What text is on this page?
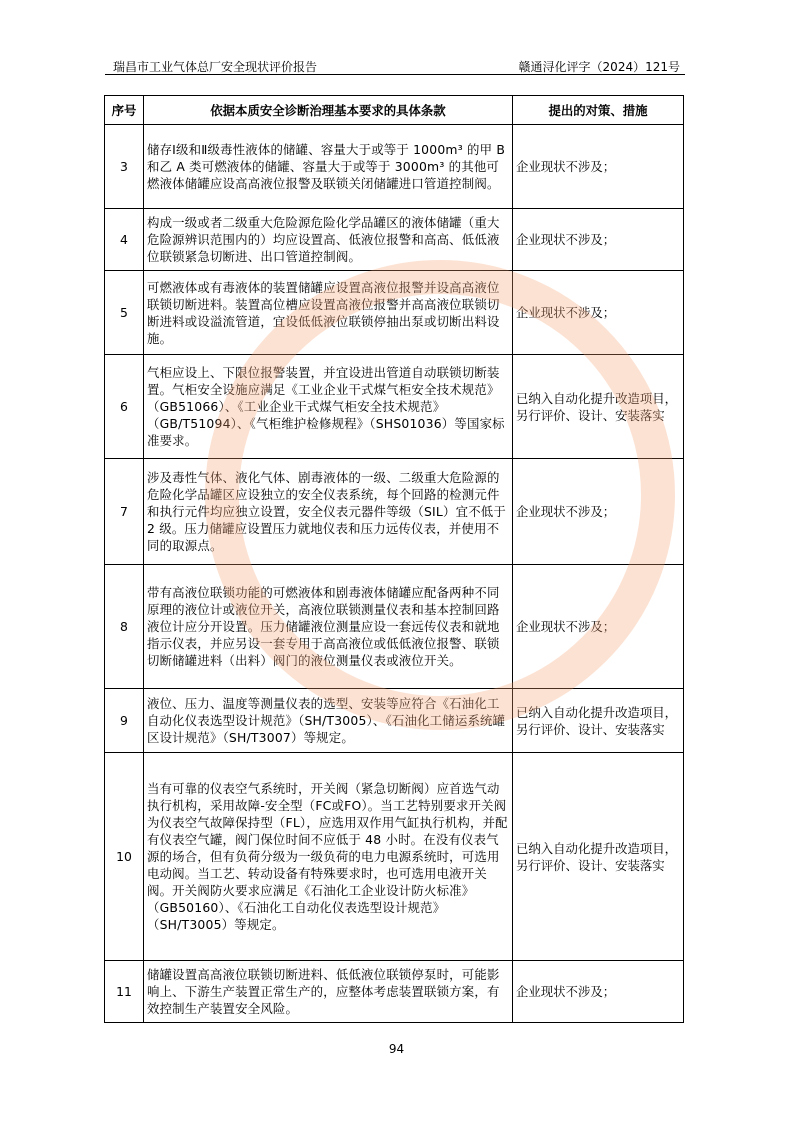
瑞昌市工业气体总厂安全现状评价报告	赣通浔化评字（2024）121号
序号	依据本质安全诊断治理基本要求的具体条款	提出的对策、措施
3	储存Ⅰ级和Ⅱ级毒性液体的储罐、容量大于或等于 1000m³ 的甲 B 和乙 A 类可燃液体的储罐、容量大于或等于 3000m³ 的其他可燃液体储罐应设高高液位报警及联锁关闭储罐进口管道控制阀。	企业现状不涉及；
4	构成一级或者二级重大危险源危险化学品罐区的液体储罐（重大危险源辨识范围内的）均应设置高、低液位报警和高高、低低液位联锁紧急切断进、出口管道控制阀。	企业现状不涉及；
5	可燃液体或有毒液体的装置储罐应设置高液位报警并设高高液位联锁切断进料。装置高位槽应设置高液位报警并高高液位联锁切断进料或设溢流管道，宜设低低液位联锁停抽出泵或切断出料设施。	企业现状不涉及；
6	气柜应设上、下限位报警装置，并宜设进出管道自动联锁切断装置。气柜安全设施应满足《工业企业干式煤气柜安全技术规范》（GB51066）、《工业企业干式煤气柜安全技术规范》（GB/T51094）、《气柜维护检修规程》（SHS01036）等国家标准要求。	已纳入自动化提升改造项目，另行评价、设计、安装落实
7	涉及毒性气体、液化气体、剧毒液体的一级、二级重大危险源的危险化学品罐区应设独立的安全仪表系统，每个回路的检测元件和执行元件均应独立设置，安全仪表元器件等级（SIL）宜不低于 2 级。压力储罐应设置压力就地仪表和压力远传仪表，并使用不同的取源点。	企业现状不涉及；
8	带有高液位联锁功能的可燃液体和剧毒液体储罐应配备两种不同原理的液位计或液位开关，高液位联锁测量仪表和基本控制回路液位计应分开设置。压力储罐液位测量应设一套远传仪表和就地指示仪表，并应另设一套专用于高高液位或低低液位报警、联锁切断储罐进料（出料）阀门的液位测量仪表或液位开关。	企业现状不涉及；
9	液位、压力、温度等测量仪表的选型、安装等应符合《石油化工自动化仪表选型设计规范》（SH/T3005）、《石油化工储运系统罐区设计规范》（SH/T3007）等规定。	已纳入自动化提升改造项目，另行评价、设计、安装落实
10	当有可靠的仪表空气系统时，开关阀（紧急切断阀）应首选气动执行机构，采用故障-安全型（FC或FO）。当工艺特别要求开关阀为仪表空气故障保持型（FL），应选用双作用气缸执行机构，并配有仪表空气罐，阀门保位时间不应低于 48 小时。在没有仪表气源的场合，但有负荷分级为一级负荷的电力电源系统时，可选用电动阀。当工艺、转动设备有特殊要求时，也可选用电液开关阀。开关阀防火要求应满足《石油化工企业设计防火标准》（GB50160）、《石油化工自动化仪表选型设计规范》（SH/T3005）等规定。	已纳入自动化提升改造项目，另行评价、设计、安装落实
11	储罐设置高高液位联锁切断进料、低低液位联锁停泵时，可能影响上、下游生产装置正常生产的，应整体考虑装置联锁方案，有效控制生产装置安全风险。	企业现状不涉及；
94
